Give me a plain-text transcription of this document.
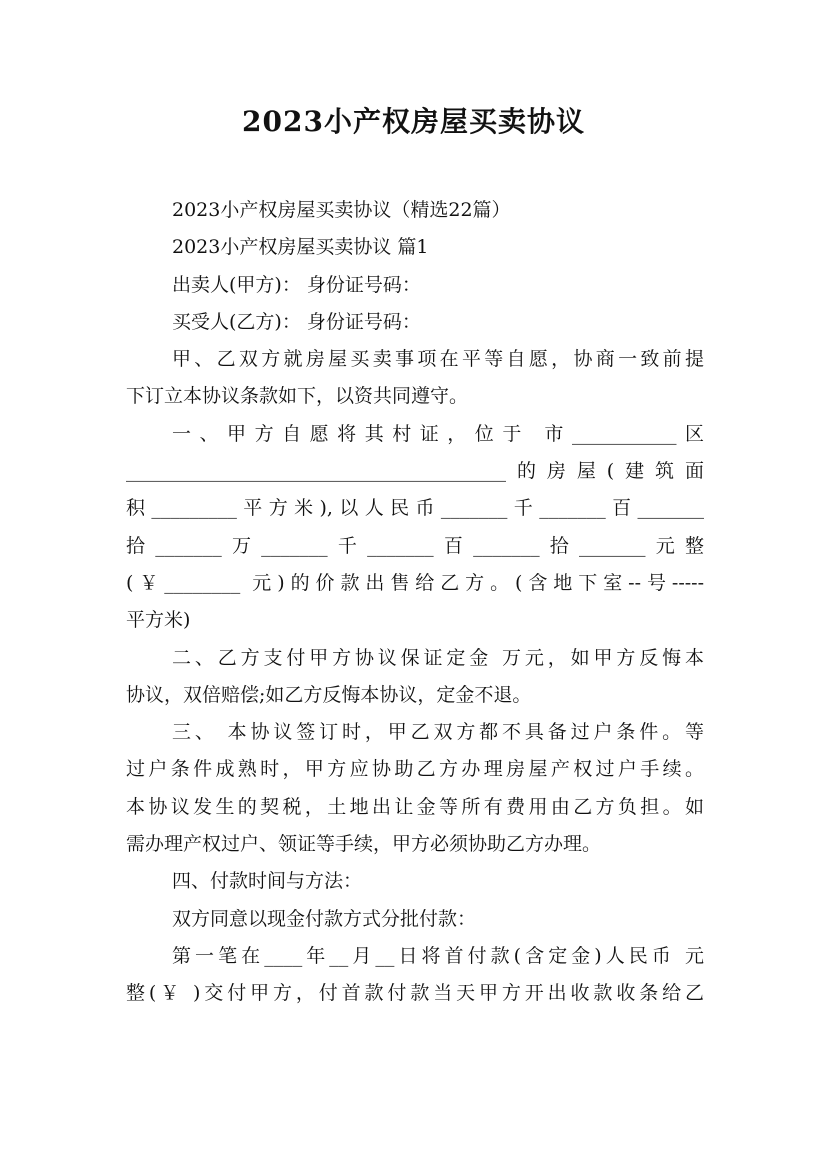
2023小产权房屋买卖协议
2023小产权房屋买卖协议（精选22篇）
2023小产权房屋买卖协议 篇1
出卖人(甲方)： 身份证号码：
买受人(乙方)： 身份证号码：
甲、乙双方就房屋买卖事项在平等自愿，协商一致前提
下订立本协议条款如下，以资共同遵守。
一、甲方自愿将其村证，位于 市___________区
________________________________________的房屋(建筑面
积_________平方米),以人民币_______千_______百_______
拾_______万_______千_______百_______拾_______元整
(￥________ 元)的价款出售给乙方。(含地下室--号-----
平方米)
二、乙方支付甲方协议保证定金 万元，如甲方反悔本
协议，双倍赔偿;如乙方反悔本协议，定金不退。
三、 本协议签订时，甲乙双方都不具备过户条件。等
过户条件成熟时，甲方应协助乙方办理房屋产权过户手续。
本协议发生的契税，土地出让金等所有费用由乙方负担。如
需办理产权过户、领证等手续，甲方必须协助乙方办理。
四、付款时间与方法：
双方同意以现金付款方式分批付款：
第一笔在____年__月__日将首付款(含定金)人民币 元
整(￥ )交付甲方，付首款付款当天甲方开出收款收条给乙
